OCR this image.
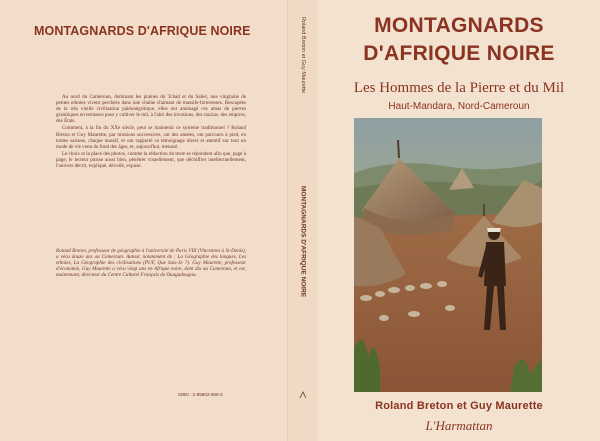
MONTAGNARDS D'AFRIQUE NOIRE

Au nord du Cameroun, dominant les plaines du Tchad et du Sahel, une vingtaine de petites ethnies vivent perchées dans une chaîne d'aimant de massifs-forteresses. Rescapées de la très vieille civilisation paléonégritique, elles ont aménagé ces amas de pierres granitiques en terrasses pour y cultiver le mil, à l'abri des invasions, des razzias, des empires, des États.

Comment, à la fin du XXe siècle, peut se maintenir ce système traditionnel ? Roland Breton et Guy Maurette, par missions successives, sur des années, ont parcouru à pied, en toutes saisons, chaque massif, et ont rapporté ce témoignage direct et attentif sur tout un mode de vie venu du fond des âges, et, aujourd'hui, menacé.

Le choix et la place des photos, comme la rédaction du texte se répondent afin que, page à page, le lecteur puisse aussi bien, pénétrer visuellement, que déchiffrer intellectuellement, l'univers décrit, expliqué, dévoilé, exposé.

Roland Breton, professeur de géographie à l'université de Paris VIII (Vincennes à St-Denis), a vécu douze ans au Cameroun. Auteur, notamment de : La Géographie des langues, Les ethnies, La Géographie des civilisations (PUF, Que Sais-Je ?). Guy Maurette, professeur d'économie, Guy Maurette a vécu vingt ans en Afrique noire, dont dix au Cameroun, et est, maintenant, directeur du Centre Culturel Français de Ouagadougou.
ISBN : 2-85802-806-2
Roland Breton et Guy Maurette
MONTAGNARDS D'AFRIQUE NOIRE
MONTAGNARDS
D'AFRIQUE NOIRE
Les Hommes de la Pierre et du Mil
Haut-Mandara, Nord-Cameroun
Roland Breton et Guy Maurette
L'Harmattan
